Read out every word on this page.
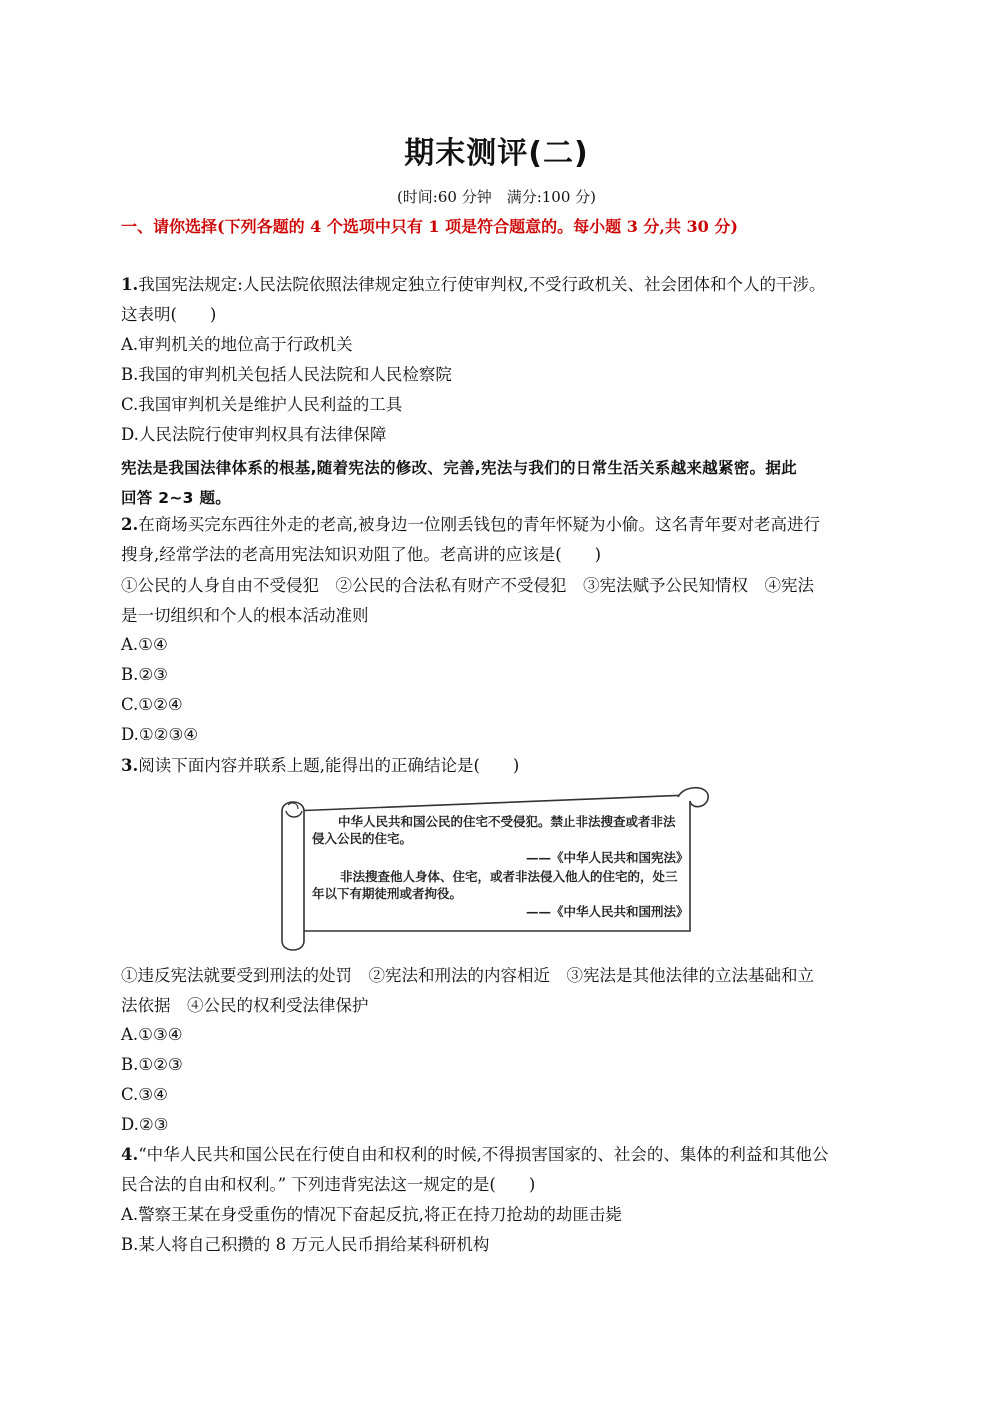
期末测评(二)
(时间:60 分钟　满分:100 分)
一、请你选择(下列各题的 4 个选项中只有 1 项是符合题意的。每小题 3 分,共 30 分)
1.我国宪法规定:人民法院依照法律规定独立行使审判权,不受行政机关、社会团体和个人的干涉。
这表明(　　)
A.审判机关的地位高于行政机关
B.我国的审判机关包括人民法院和人民检察院
C.我国审判机关是维护人民利益的工具
D.人民法院行使审判权具有法律保障
宪法是我国法律体系的根基,随着宪法的修改、完善,宪法与我们的日常生活关系越来越紧密。据此
回答 2~3 题。
2.在商场买完东西往外走的老高,被身边一位刚丢钱包的青年怀疑为小偷。这名青年要对老高进行
搜身,经常学法的老高用宪法知识劝阻了他。老高讲的应该是(　　)
①公民的人身自由不受侵犯　②公民的合法私有财产不受侵犯　③宪法赋予公民知情权　④宪法
是一切组织和个人的根本活动准则
A.①④
B.②③
C.①②④
D.①②③④
3.阅读下面内容并联系上题,能得出的正确结论是(　　)
中华人民共和国公民的住宅不受侵犯。禁止非法搜查或者非法
侵入公民的住宅。
——《中华人民共和国宪法》
非法搜查他人身体、住宅，或者非法侵入他人的住宅的，处三
年以下有期徒刑或者拘役。
——《中华人民共和国刑法》
①违反宪法就要受到刑法的处罚　②宪法和刑法的内容相近　③宪法是其他法律的立法基础和立
法依据　④公民的权利受法律保护
A.①③④
B.①②③
C.③④
D.②③
4.“中华人民共和国公民在行使自由和权利的时候,不得损害国家的、社会的、集体的利益和其他公
民合法的自由和权利。” 下列违背宪法这一规定的是(　　)
A.警察王某在身受重伤的情况下奋起反抗,将正在持刀抢劫的劫匪击毙
B.某人将自己积攒的 8 万元人民币捐给某科研机构
